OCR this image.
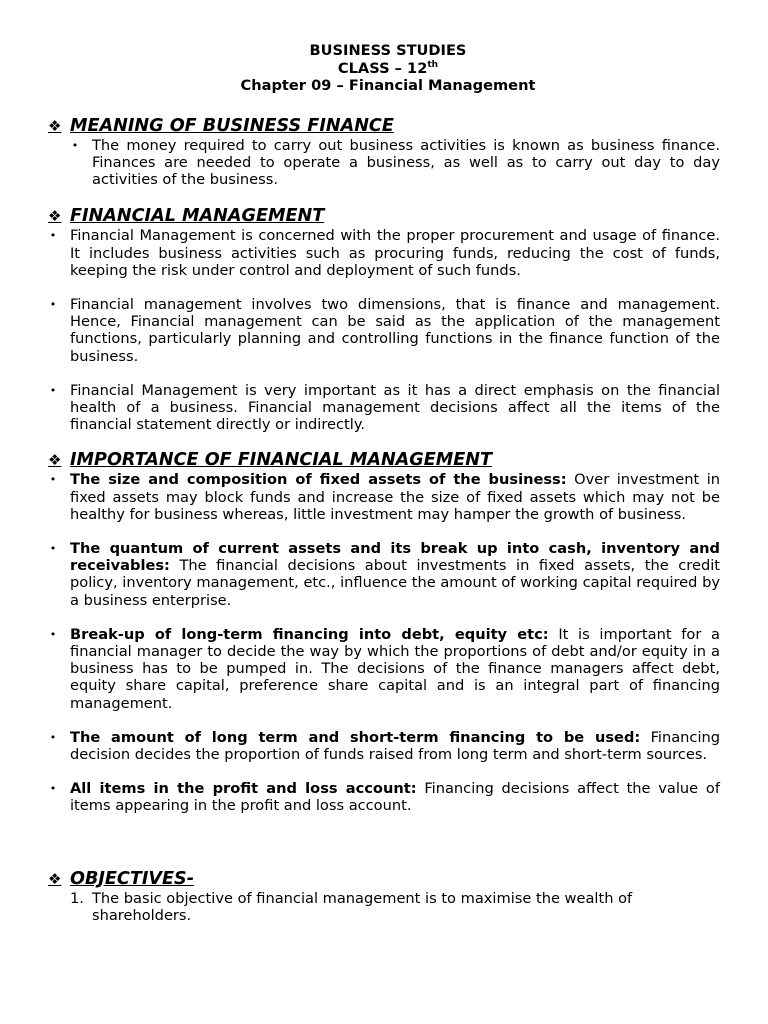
BUSINESS STUDIES
CLASS – 12th
Chapter 09 – Financial Management
❖ MEANING OF BUSINESS FINANCE
• The money required to carry out business activities is known as business finance. Finances are needed to operate a business, as well as to carry out day to day activities of the business.
❖ FINANCIAL MANAGEMENT
• Financial Management is concerned with the proper procurement and usage of finance. It includes business activities such as procuring funds, reducing the cost of funds, keeping the risk under control and deployment of such funds.
• Financial management involves two dimensions, that is finance and management. Hence, Financial management can be said as the application of the management functions, particularly planning and controlling functions in the finance function of the business.
• Financial Management is very important as it has a direct emphasis on the financial health of a business. Financial management decisions affect all the items of the financial statement directly or indirectly.
❖ IMPORTANCE OF FINANCIAL MANAGEMENT
• The size and composition of fixed assets of the business: Over investment in fixed assets may block funds and increase the size of fixed assets which may not be healthy for business whereas, little investment may hamper the growth of business.
• The quantum of current assets and its break up into cash, inventory and receivables: The financial decisions about investments in fixed assets, the credit policy, inventory management, etc., influence the amount of working capital required by a business enterprise.
• Break-up of long-term financing into debt, equity etc: It is important for a financial manager to decide the way by which the proportions of debt and/or equity in a business has to be pumped in. The decisions of the finance managers affect debt, equity share capital, preference share capital and is an integral part of financing management.
• The amount of long term and short-term financing to be used: Financing decision decides the proportion of funds raised from long term and short-term sources.
• All items in the profit and loss account: Financing decisions affect the value of items appearing in the profit and loss account.
❖ OBJECTIVES-
1. The basic objective of financial management is to maximise the wealth of shareholders.
